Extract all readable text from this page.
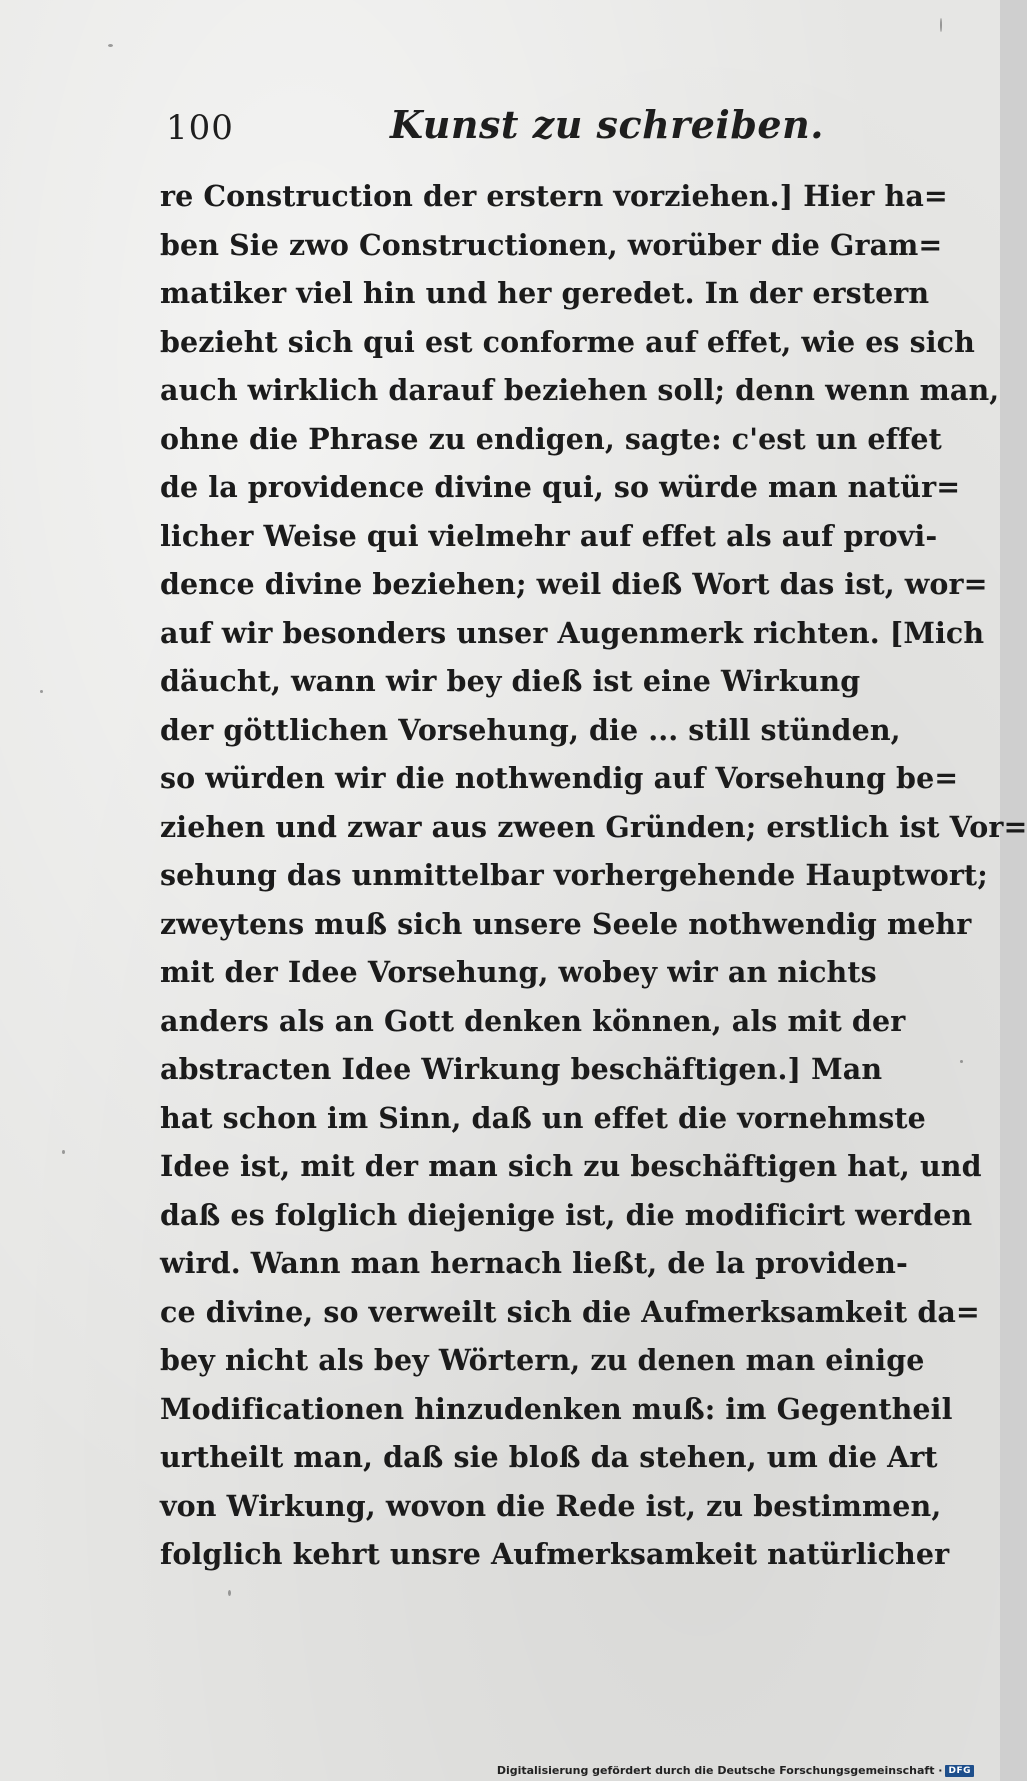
100	Kunst zu schreiben.
re Construction der erstern vorziehen.] Hier ha=
ben Sie zwo Constructionen, worüber die Gram=
matiker viel hin und her geredet. In der erstern
bezieht sich qui est conforme auf effet, wie es sich
auch wirklich darauf beziehen soll; denn wenn man,
ohne die Phrase zu endigen, sagte: c'est un effet
de la providence divine qui, so würde man natür=
licher Weise qui vielmehr auf effet als auf provi-
dence divine beziehen; weil dieß Wort das ist, wor=
auf wir besonders unser Augenmerk richten. [Mich
däucht, wann wir bey dieß ist eine Wirkung
der göttlichen Vorsehung, die ... still stünden,
so würden wir die nothwendig auf Vorsehung be=
ziehen und zwar aus zween Gründen; erstlich ist Vor=
sehung das unmittelbar vorhergehende Hauptwort;
zweytens muß sich unsere Seele nothwendig mehr
mit der Idee Vorsehung, wobey wir an nichts
anders als an Gott denken können, als mit der
abstracten Idee Wirkung beschäftigen.] Man
hat schon im Sinn, daß un effet die vornehmste
Idee ist, mit der man sich zu beschäftigen hat, und
daß es folglich diejenige ist, die modificirt werden
wird. Wann man hernach ließt, de la providen-
ce divine, so verweilt sich die Aufmerksamkeit da=
bey nicht als bey Wörtern, zu denen man einige
Modificationen hinzudenken muß: im Gegentheil
urtheilt man, daß sie bloß da stehen, um die Art
von Wirkung, wovon die Rede ist, zu bestimmen,
folglich kehrt unsre Aufmerksamkeit natürlicher
Digitalisierung gefördert durch die Deutsche Forschungsgemeinschaft · DFG
